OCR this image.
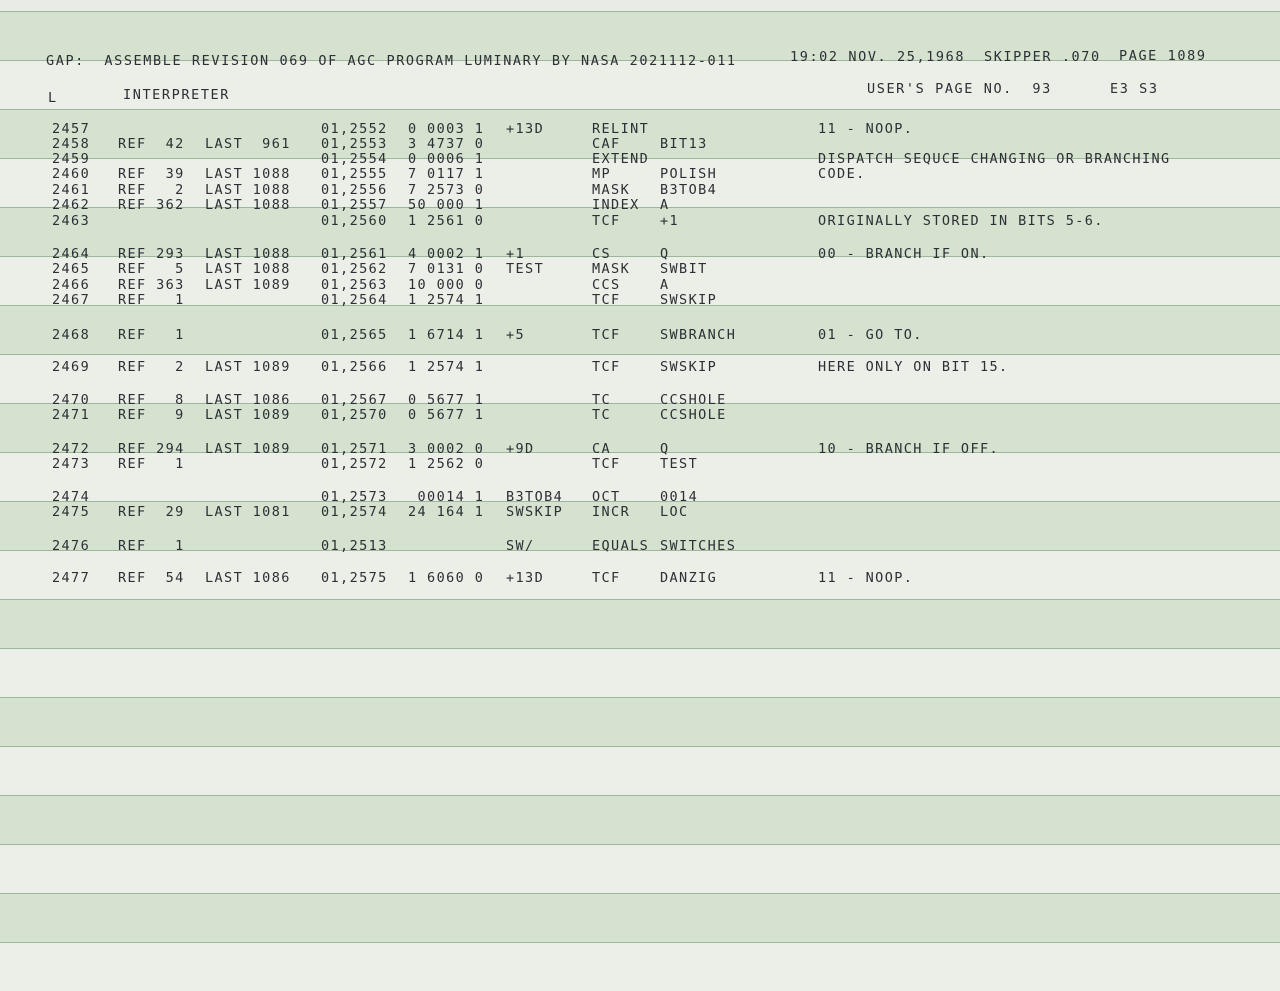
GAP:  ASSEMBLE REVISION 069 OF AGC PROGRAM LUMINARY BY NASA 2021112-011	19:02 NOV. 25,1968 SKIPPER .070 PAGE 1089
L	INTERPRETER	USER'S PAGE NO.  93	E3 S3
2457	01,2552 0 0003 1 +13D	RELINT	11 - NOOP.
2458 REF  42 LAST  961 01,2553 3 4737 0	CAF	BIT13
2459	01,2554 0 0006 1	EXTEND	DISPATCH SEQUCE CHANGING OR BRANCHING
2460 REF  39 LAST 1088 01,2555 7 0117 1	MP	POLISH	CODE.
2461 REF   2 LAST 1088 01,2556 7 2573 0	MASK B3TOB4
2462 REF 362 LAST 1088 01,2557 50 000 1	INDEX A
2463	01,2560 1 2561 0	TCF	+1	ORIGINALLY STORED IN BITS 5-6.
2464 REF 293 LAST 1088 01,2561 4 0002 1 +1	CS	Q	00 - BRANCH IF ON.
2465 REF   5 LAST 1088 01,2562 7 0131 0 TEST	MASK SWBIT
2466 REF 363 LAST 1089 01,2563 10 000 0	CCS	A
2467 REF   1	01,2564 1 2574 1	TCF	SWSKIP
2468 REF   1	01,2565 1 6714 1 +5	TCF	SWBRANCH	01 - GO TO.
2469 REF   2 LAST 1089 01,2566 1 2574 1	TCF	SWSKIP	HERE ONLY ON BIT 15.
2470 REF   8 LAST 1086 01,2567 0 5677 1	TC	CCSHOLE
2471 REF   9 LAST 1089 01,2570 0 5677 1	TC	CCSHOLE
2472 REF 294 LAST 1089 01,2571 3 0002 0 +9D	CA	Q	10 - BRANCH IF OFF.
2473 REF   1	01,2572 1 2562 0	TCF	TEST
2474	01,2573 00014 1 B3TOB4 OCT	0014
2475 REF  29 LAST 1081 01,2574 24 164 1 SWSKIP INCR LOC
2476 REF   1	01,2513	SW/	EQUALS SWITCHES
2477 REF  54 LAST 1086 01,2575 1 6060 0 +13D	TCF	DANZIG	11 - NOOP.
